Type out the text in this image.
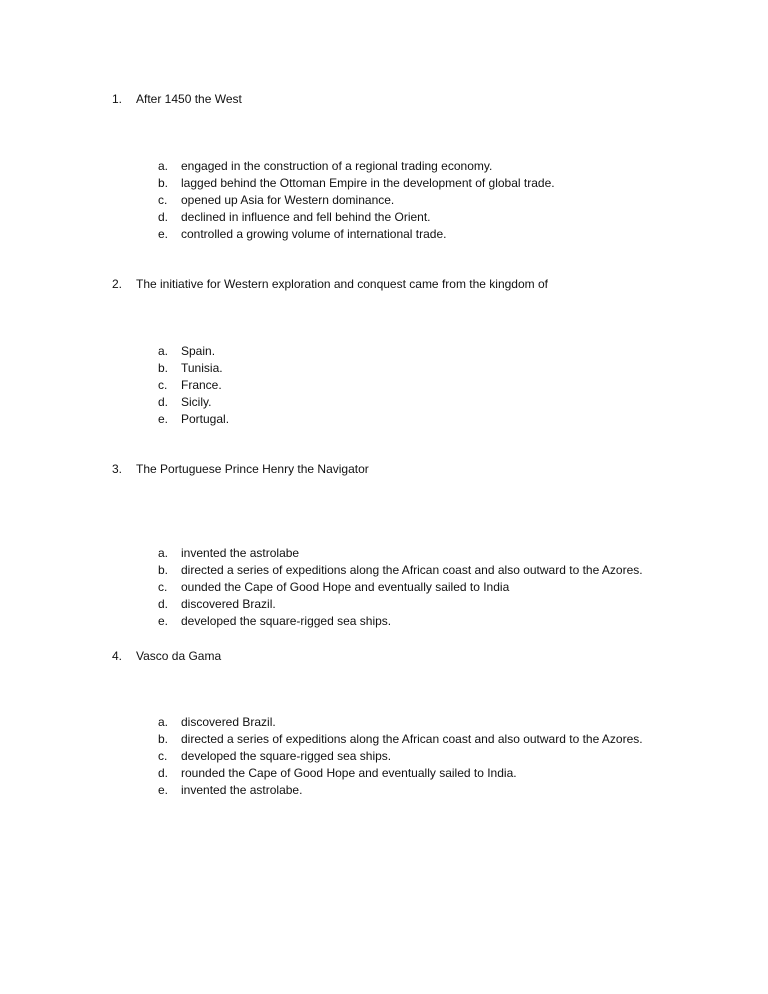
1. After 1450 the West
a. engaged in the construction of a regional trading economy.
b. lagged behind the Ottoman Empire in the development of global trade.
c. opened up Asia for Western dominance.
d. declined in influence and fell behind the Orient.
e. controlled a growing volume of international trade.
2. The initiative for Western exploration and conquest came from the kingdom of
a. Spain.
b. Tunisia.
c. France.
d. Sicily.
e. Portugal.
3. The Portuguese Prince Henry the Navigator
a. invented the astrolabe
b. directed a series of expeditions along the African coast and also outward to the Azores.
c. ounded the Cape of Good Hope and eventually sailed to India
d. discovered Brazil.
e. developed the square-rigged sea ships.
4. Vasco da Gama
a. discovered Brazil.
b. directed a series of expeditions along the African coast and also outward to the Azores.
c. developed the square-rigged sea ships.
d. rounded the Cape of Good Hope and eventually sailed to India.
e. invented the astrolabe.
